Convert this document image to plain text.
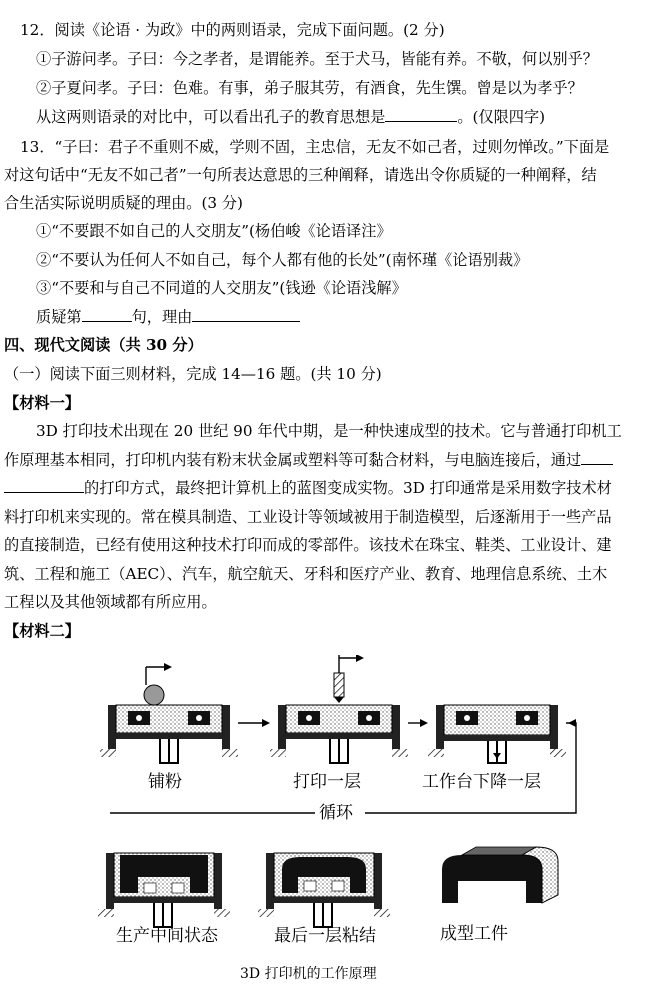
12．阅读《论语 · 为政》中的两则语录，完成下面问题。(2 分)
①子游问孝。子曰：今之孝者，是谓能养。至于犬马，皆能有养。不敬，何以别乎？
②子夏问孝。子曰：色难。有事，弟子服其劳，有酒食，先生馔。曾是以为孝乎？
从这两则语录的对比中，可以看出孔子的教育思想是	。(仅限四字)
13．“子曰：君子不重则不威，学则不固，主忠信，无友不如己者，过则勿惮改。”下面是
对这句话中“无友不如己者”一句所表达意思的三种阐释，请选出令你质疑的一种阐释，结
合生活实际说明质疑的理由。(3 分)
①“不要跟不如自己的人交朋友”(杨伯峻《论语译注》
②“不要认为任何人不如自己，每个人都有他的长处”(南怀瑾《论语别裁》
③“不要和与自己不同道的人交朋友”(钱逊《论语浅解》
质疑第	句，理由
四、现代文阅读（共 30 分）
（一）阅读下面三则材料，完成 14—16 题。(共 10 分)
【材料一】
3D 打印技术出现在 20 世纪 90 年代中期，是一种快速成型的技术。它与普通打印机工
作原理基本相同，打印机内装有粉末状金属或塑料等可黏合材料，与电脑连接后，通过
的打印方式，最终把计算机上的蓝图变成实物。3D 打印通常是采用数字技术材
料打印机来实现的。常在模具制造、工业设计等领域被用于制造模型，后逐渐用于一些产品
的直接制造，已经有使用这种技术打印而成的零部件。该技术在珠宝、鞋类、工业设计、建
筑、工程和施工（AEC）、汽车，航空航天、牙科和医疗产业、教育、地理信息系统、土木
工程以及其他领域都有所应用。
【材料二】
铺粉	打印一层	工作台下降一层
循环
生产中间状态	最后一层粘结	成型工件
3D 打印机的工作原理
